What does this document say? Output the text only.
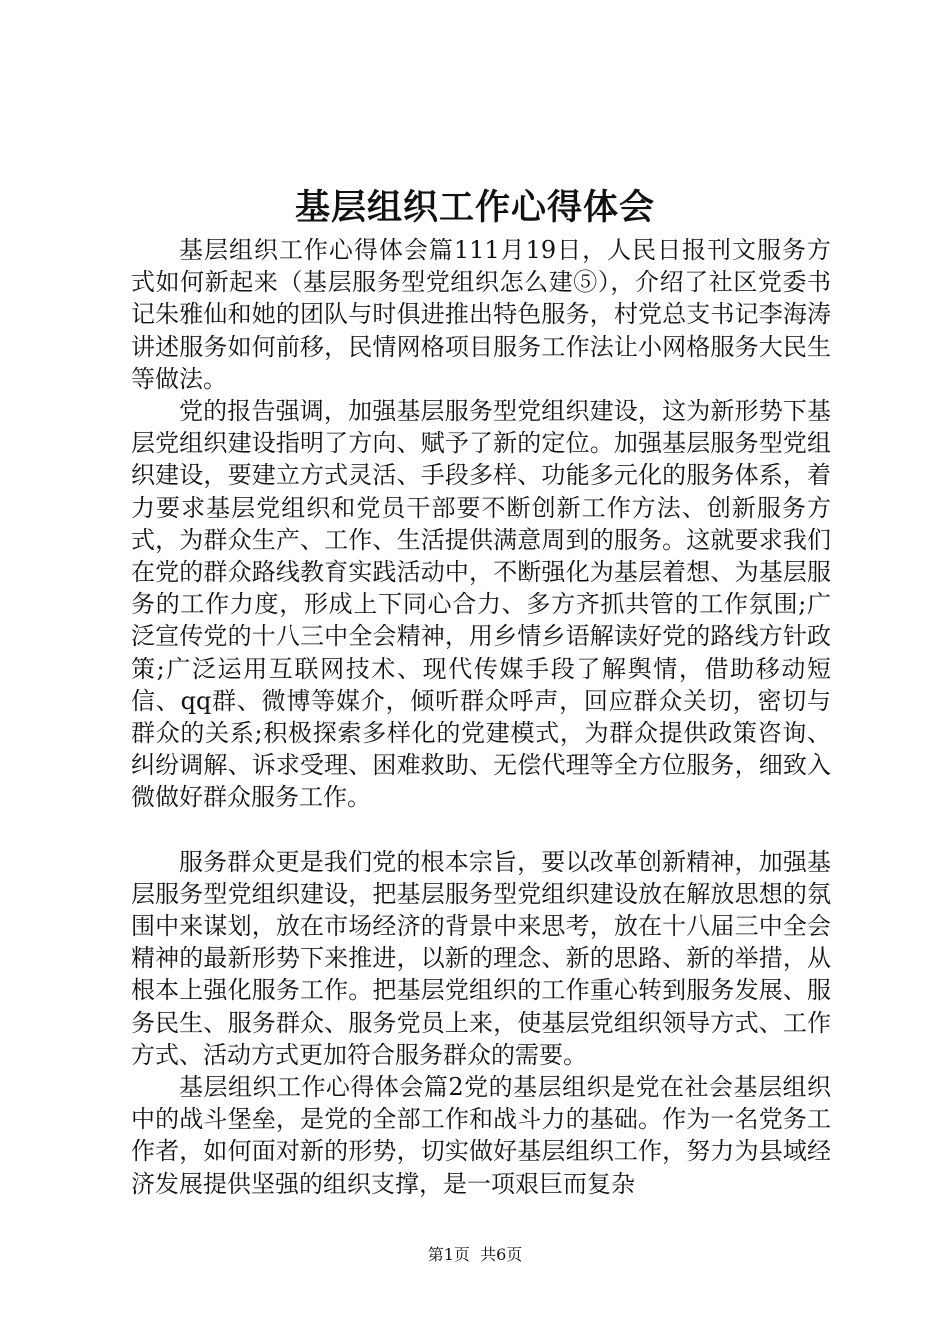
基层组织工作心得体会

基层组织工作心得体会篇111月19日，人民日报刊文服务方式如何新起来（基层服务型党组织怎么建⑤），介绍了社区党委书记朱雅仙和她的团队与时俱进推出特色服务，村党总支书记李海涛讲述服务如何前移，民情网格项目服务工作法让小网格服务大民生等做法。

党的报告强调，加强基层服务型党组织建设，这为新形势下基层党组织建设指明了方向、赋予了新的定位。加强基层服务型党组织建设，要建立方式灵活、手段多样、功能多元化的服务体系，着力要求基层党组织和党员干部要不断创新工作方法、创新服务方式，为群众生产、工作、生活提供满意周到的服务。这就要求我们在党的群众路线教育实践活动中，不断强化为基层着想、为基层服务的工作力度，形成上下同心合力、多方齐抓共管的工作氛围;广泛宣传党的十八三中全会精神，用乡情乡语解读好党的路线方针政策;广泛运用互联网技术、现代传媒手段了解舆情，借助移动短信、qq群、微博等媒介，倾听群众呼声，回应群众关切，密切与群众的关系;积极探索多样化的党建模式，为群众提供政策咨询、纠纷调解、诉求受理、困难救助、无偿代理等全方位服务，细致入微做好群众服务工作。

服务群众更是我们党的根本宗旨，要以改革创新精神，加强基层服务型党组织建设，把基层服务型党组织建设放在解放思想的氛围中来谋划，放在市场经济的背景中来思考，放在十八届三中全会精神的最新形势下来推进，以新的理念、新的思路、新的举措，从根本上强化服务工作。把基层党组织的工作重心转到服务发展、服务民生、服务群众、服务党员上来，使基层党组织领导方式、工作方式、活动方式更加符合服务群众的需要。

基层组织工作心得体会篇2党的基层组织是党在社会基层组织中的战斗堡垒，是党的全部工作和战斗力的基础。作为一名党务工作者，如何面对新的形势，切实做好基层组织工作，努力为县域经济发展提供坚强的组织支撑，是一项艰巨而复杂

第1页  共6页
